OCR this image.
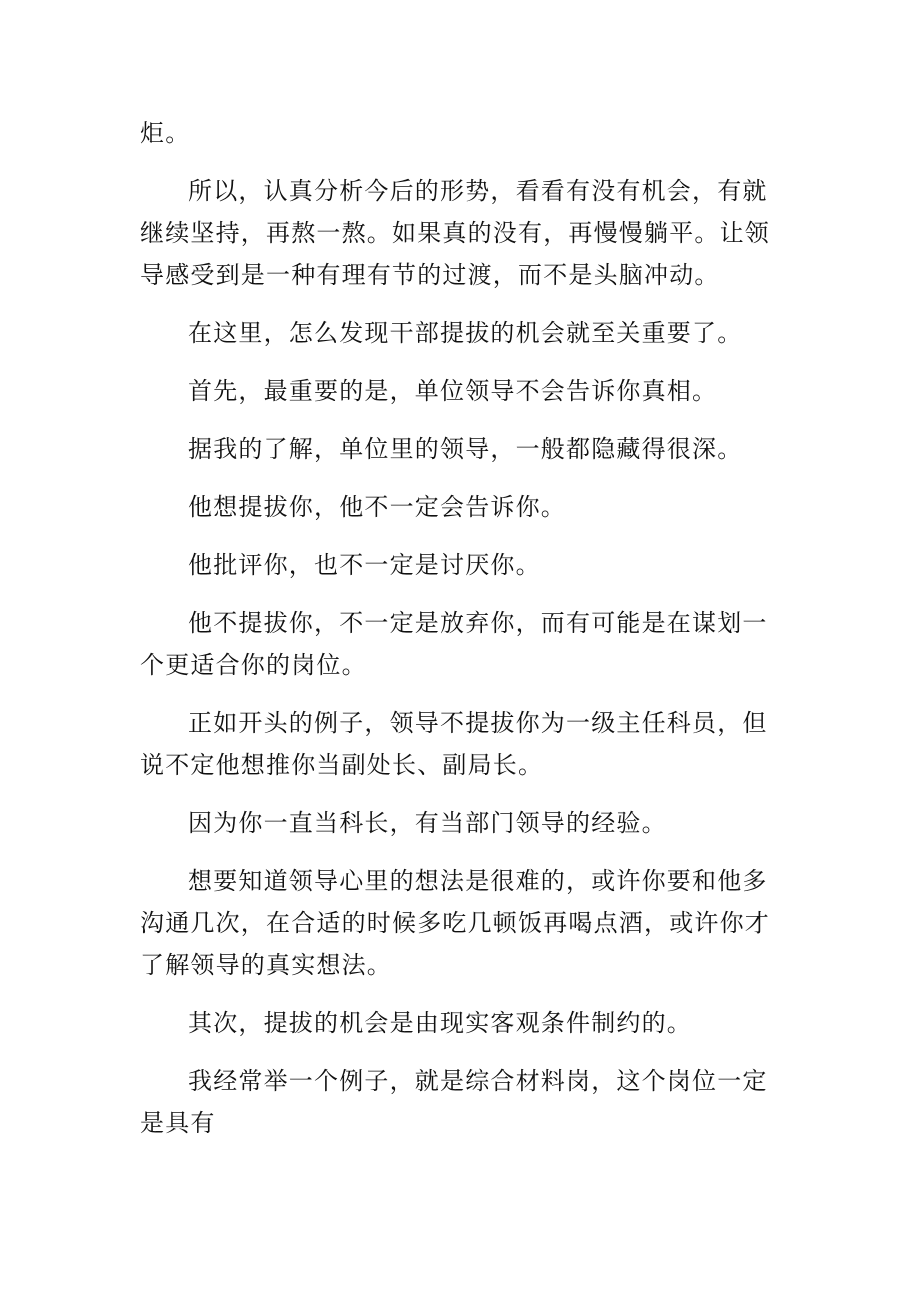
炬。

所以，认真分析今后的形势，看看有没有机会，有就继续坚持，再熬一熬。如果真的没有，再慢慢躺平。让领导感受到是一种有理有节的过渡，而不是头脑冲动。

在这里，怎么发现干部提拔的机会就至关重要了。

首先，最重要的是，单位领导不会告诉你真相。

据我的了解，单位里的领导，一般都隐藏得很深。

他想提拔你，他不一定会告诉你。

他批评你，也不一定是讨厌你。

他不提拔你，不一定是放弃你，而有可能是在谋划一个更适合你的岗位。

正如开头的例子，领导不提拔你为一级主任科员，但说不定他想推你当副处长、副局长。

因为你一直当科长，有当部门领导的经验。

想要知道领导心里的想法是很难的，或许你要和他多沟通几次，在合适的时候多吃几顿饭再喝点酒，或许你才了解领导的真实想法。

其次，提拔的机会是由现实客观条件制约的。

我经常举一个例子，就是综合材料岗，这个岗位一定是具有
